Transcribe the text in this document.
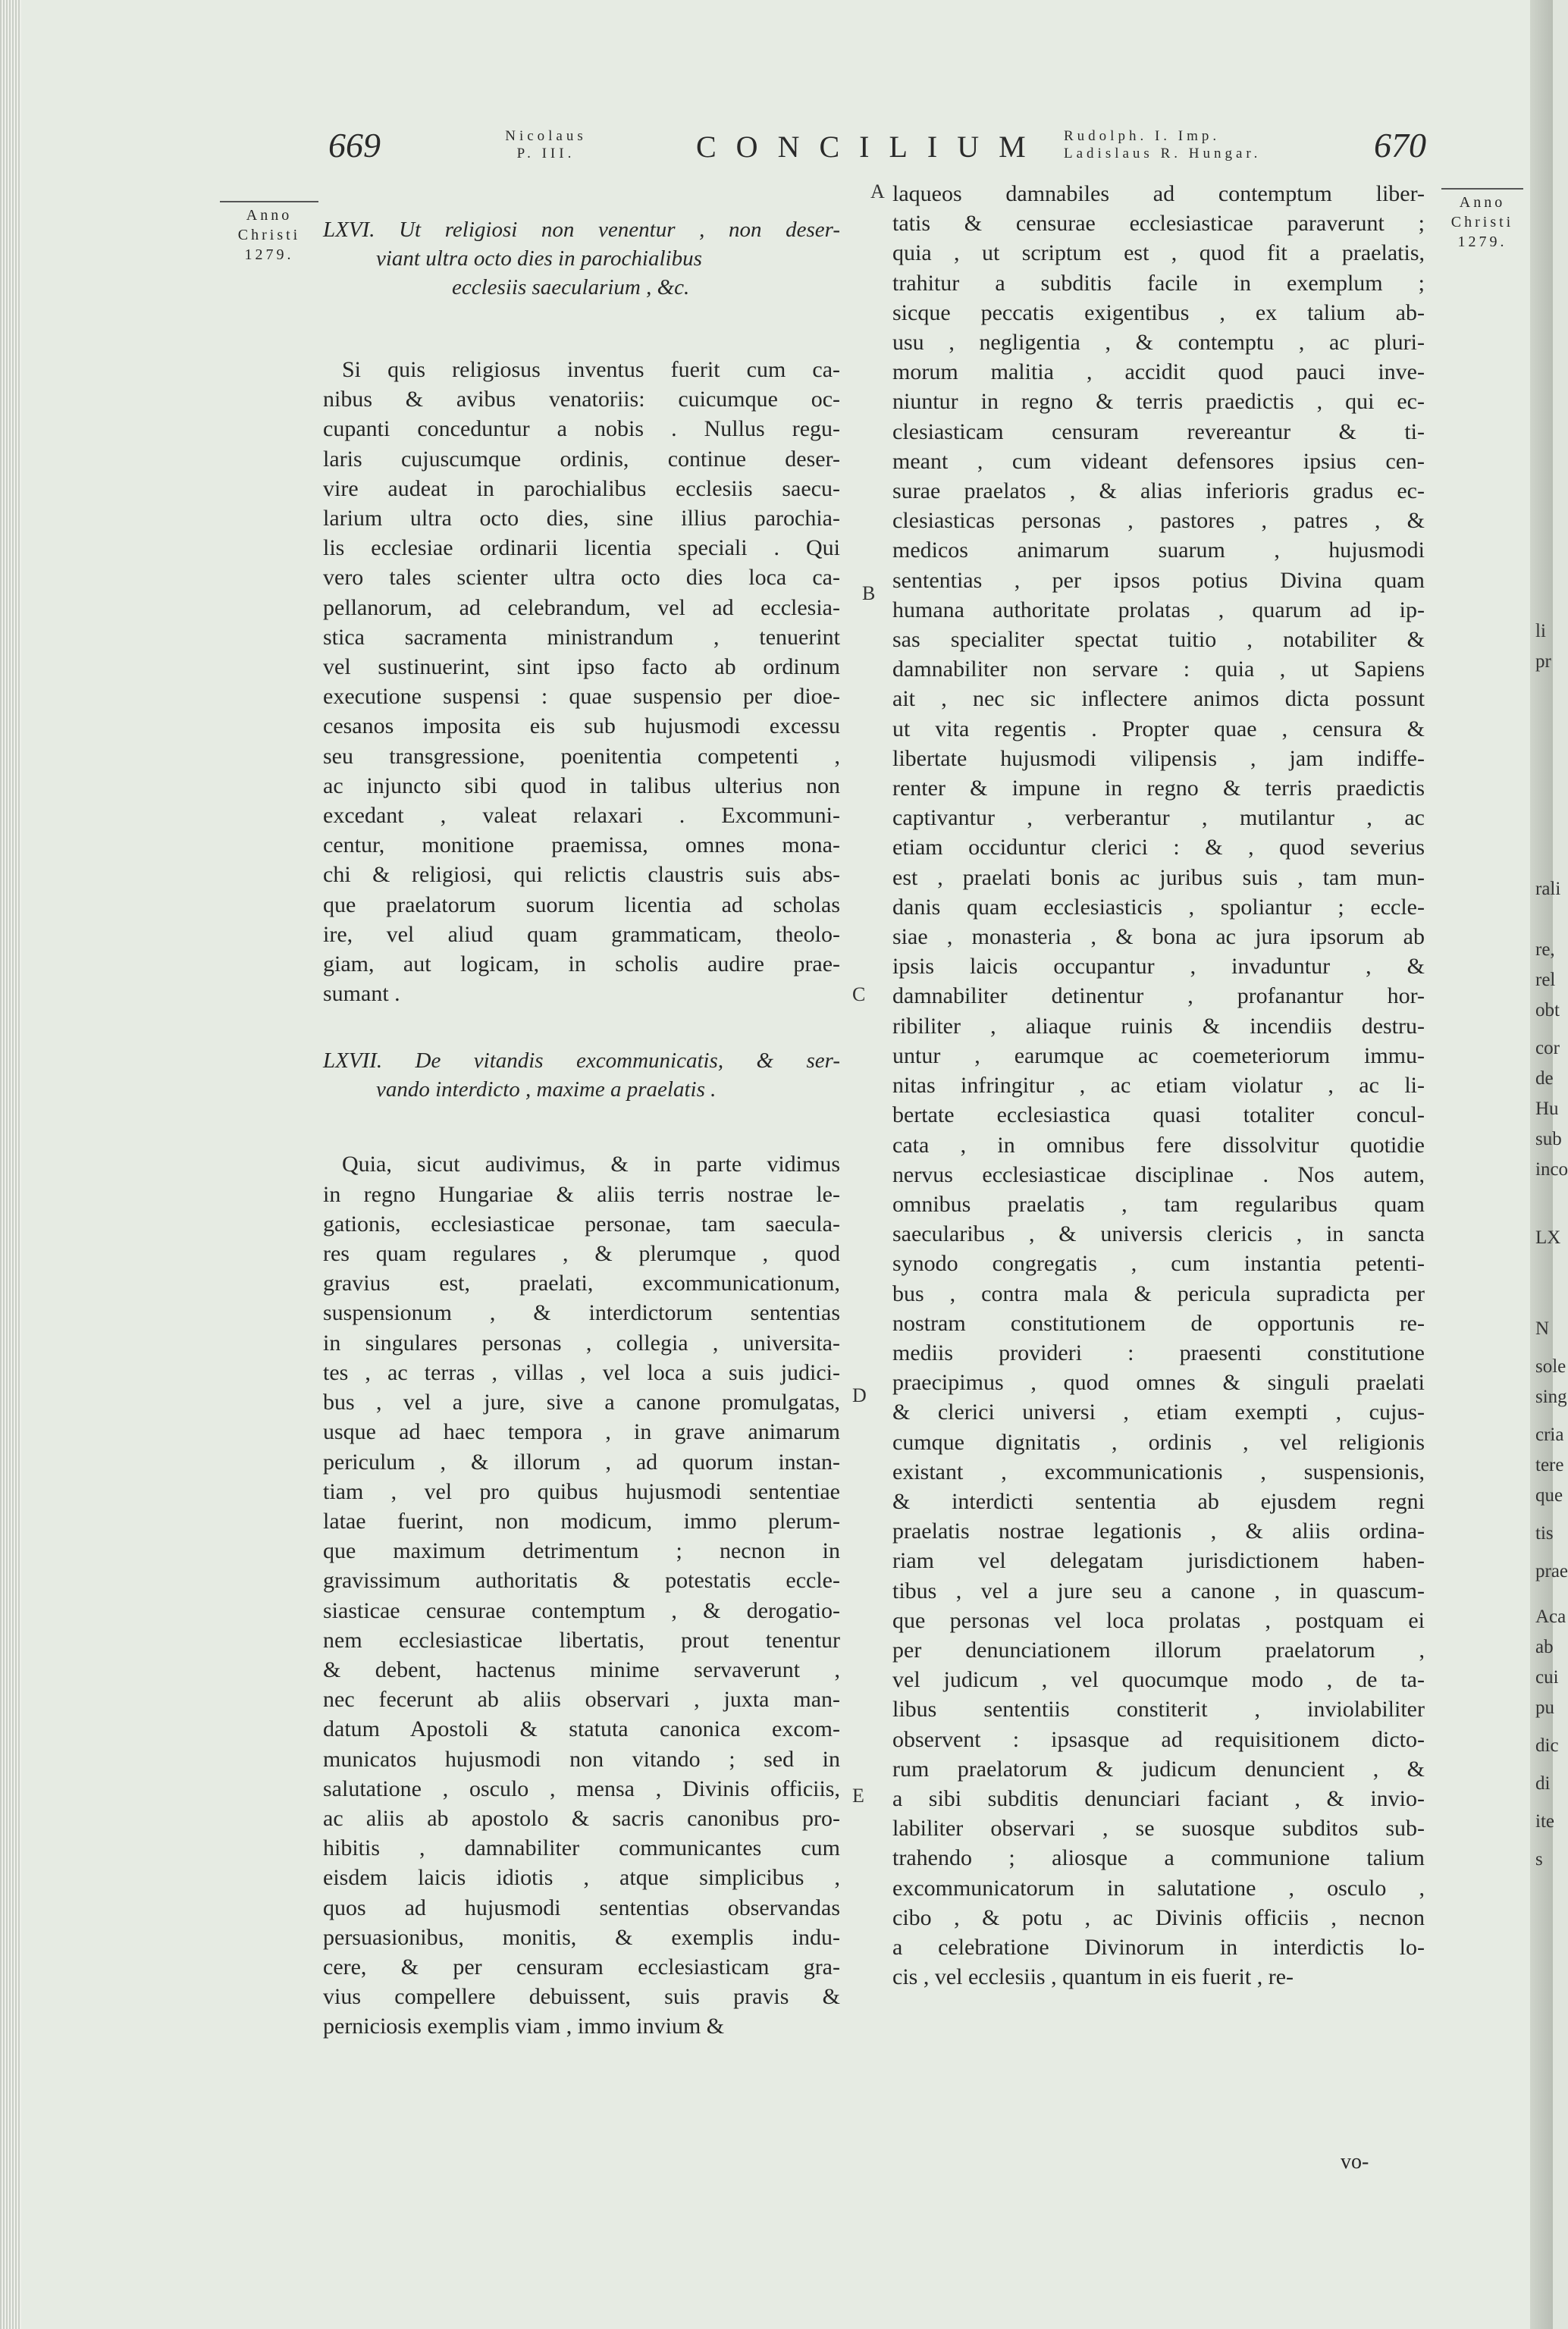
669	Nicolaus
P. III.	CONCILIUM Rudolph. I. Imp.
Ladislaus R. Hungar.	670
Anno
Christi
1279.
Anno
Christi
1279.
A
B
C
D
E

LXVI. Ut religiosi non venentur , non deser-

viant ultra octo dies in parochialibus

ecclesiis saecularium , &c.

Si quis religiosus inventus fuerit cum ca-

nibus & avibus venatoriis: cuicumque oc-

cupanti conceduntur a nobis . Nullus regu-

laris cujuscumque ordinis, continue deser-

vire audeat in parochialibus ecclesiis saecu-

larium ultra octo dies, sine illius parochia-

lis ecclesiae ordinarii licentia speciali . Qui

vero tales scienter ultra octo dies loca ca-

pellanorum, ad celebrandum, vel ad ecclesia-

stica sacramenta ministrandum , tenuerint

vel sustinuerint, sint ipso facto ab ordinum

executione suspensi : quae suspensio per dioe-

cesanos imposita eis sub hujusmodi excessu

seu transgressione, poenitentia competenti ,

ac injuncto sibi quod in talibus ulterius non

excedant , valeat relaxari . Excommuni-

centur, monitione praemissa, omnes mona-

chi & religiosi, qui relictis claustris suis abs-

que praelatorum suorum licentia ad scholas

ire, vel aliud quam grammaticam, theolo-

giam, aut logicam, in scholis audire prae-

sumant .

LXVII. De vitandis excommunicatis, & ser-

vando interdicto , maxime a praelatis .

Quia, sicut audivimus, & in parte vidimus

in regno Hungariae & aliis terris nostrae le-

gationis, ecclesiasticae personae, tam saecula-

res quam regulares , & plerumque , quod

gravius est, praelati, excommunicationum,

suspensionum , & interdictorum sententias

in singulares personas , collegia , universita-

tes , ac terras , villas , vel loca a suis judici-

bus , vel a jure, sive a canone promulgatas,

usque ad haec tempora , in grave animarum

periculum , & illorum , ad quorum instan-

tiam , vel pro quibus hujusmodi sententiae

latae fuerint, non modicum, immo plerum-

que maximum detrimentum ; necnon in

gravissimum authoritatis & potestatis eccle-

siasticae censurae contemptum , & derogatio-

nem ecclesiasticae libertatis, prout tenentur

& debent, hactenus minime servaverunt ,

nec fecerunt ab aliis observari , juxta man-

datum Apostoli & statuta canonica excom-

municatos hujusmodi non vitando ; sed in

salutatione , osculo , mensa , Divinis officiis,

ac aliis ab apostolo & sacris canonibus pro-

hibitis , damnabiliter communicantes cum

eisdem laicis idiotis , atque simplicibus ,

quos ad hujusmodi sententias observandas

persuasionibus, monitis, & exemplis indu-

cere, & per censuram ecclesiasticam gra-

vius compellere debuissent, suis pravis &

perniciosis exemplis viam , immo invium &

laqueos damnabiles ad contemptum liber-

tatis & censurae ecclesiasticae paraverunt ;

quia , ut scriptum est , quod fit a praelatis,

trahitur a subditis facile in exemplum ;

sicque peccatis exigentibus , ex talium ab-

usu , negligentia , & contemptu , ac pluri-

morum malitia , accidit quod pauci inve-

niuntur in regno & terris praedictis , qui ec-

clesiasticam censuram revereantur & ti-

meant , cum videant defensores ipsius cen-

surae praelatos , & alias inferioris gradus ec-

clesiasticas personas , pastores , patres , &

medicos animarum suarum , hujusmodi

sententias , per ipsos potius Divina quam

humana authoritate prolatas , quarum ad ip-

sas specialiter spectat tuitio , notabiliter &

damnabiliter non servare : quia , ut Sapiens

ait , nec sic inflectere animos dicta possunt

ut vita regentis . Propter quae , censura &

libertate hujusmodi vilipensis , jam indiffe-

renter & impune in regno & terris praedictis

captivantur , verberantur , mutilantur , ac

etiam occiduntur clerici : & , quod severius

est , praelati bonis ac juribus suis , tam mun-

danis quam ecclesiasticis , spoliantur ; eccle-

siae , monasteria , & bona ac jura ipsorum ab

ipsis laicis occupantur , invaduntur , &

damnabiliter detinentur , profanantur hor-

ribiliter , aliaque ruinis & incendiis destru-

untur , earumque ac coemeteriorum immu-

nitas infringitur , ac etiam violatur , ac li-

bertate ecclesiastica quasi totaliter concul-

cata , in omnibus fere dissolvitur quotidie

nervus ecclesiasticae disciplinae . Nos autem,

omnibus praelatis , tam regularibus quam

saecularibus , & universis clericis , in sancta

synodo congregatis , cum instantia petenti-

bus , contra mala & pericula supradicta per

nostram constitutionem de opportunis re-

mediis provideri : praesenti constitutione

praecipimus , quod omnes & singuli praelati

& clerici universi , etiam exempti , cujus-

cumque dignitatis , ordinis , vel religionis

existant , excommunicationis , suspensionis,

& interdicti sententia ab ejusdem regni

praelatis nostrae legationis , & aliis ordina-

riam vel delegatam jurisdictionem haben-

tibus , vel a jure seu a canone , in quascum-

que personas vel loca prolatas , postquam ei

per denunciationem illorum praelatorum ,

vel judicum , vel quocumque modo , de ta-

libus sententiis constiterit , inviolabiliter

observent : ipsasque ad requisitionem dicto-

rum praelatorum & judicum denuncient , &

a sibi subditis denunciari faciant , & invio-

labiliter observari , se suosque subditos sub-

trahendo ; aliosque a communione talium

excommunicatorum in salutatione , osculo ,

cibo , & potu , ac Divinis officiis , necnon

a celebratione Divinorum in interdictis lo-

cis , vel ecclesiis , quantum in eis fuerit , re-

vo-
li
pr
rali
re,
rel
obt
cor
de
Hu
sub
inco
LX
N
sole
sing
cria
tere
que
tis
prae
Aca
ab
cui
pu
dic
di
ite
s
